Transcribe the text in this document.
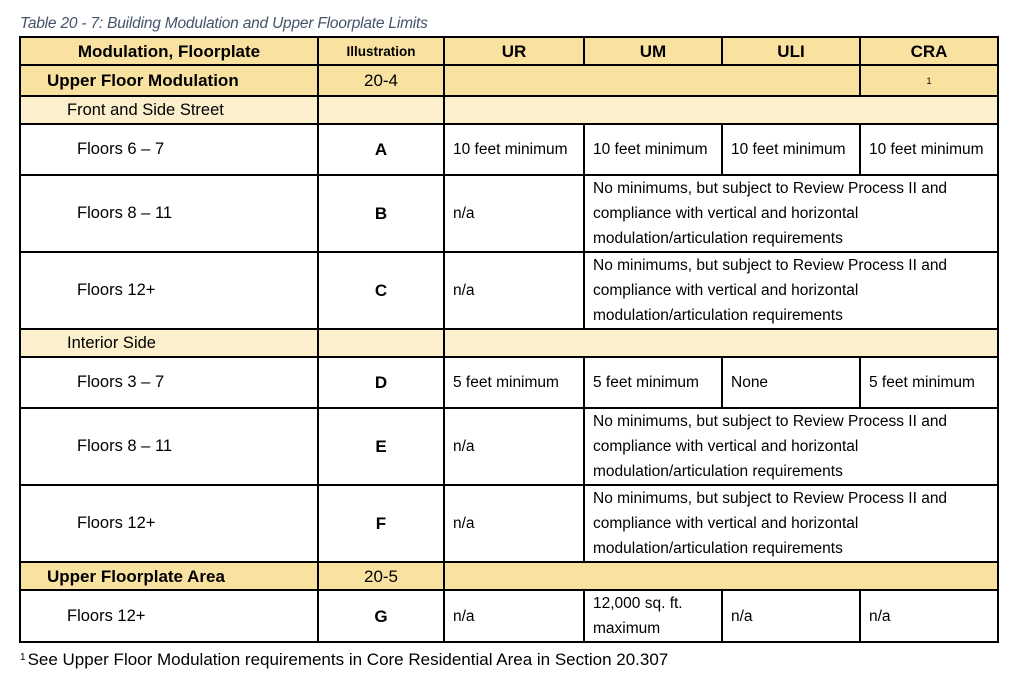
Table 20 - 7: Building Modulation and Upper Floorplate Limits
Modulation, Floorplate	Illustration	UR	UM	ULI	CRA
Upper Floor Modulation	20-4				1
Front and Side Street					
Floors 6 – 7	A	10 feet minimum	10 feet minimum	10 feet minimum	10 feet minimum
Floors 8 – 11	B	n/a	No minimums, but subject to Review Process II and compliance with vertical and horizontal modulation/articulation requirements		
Floors 12+	C	n/a	No minimums, but subject to Review Process II and compliance with vertical and horizontal modulation/articulation requirements		
Interior Side					
Floors 3 – 7	D	5 feet minimum	5 feet minimum	None	5 feet minimum
Floors 8 – 11	E	n/a	No minimums, but subject to Review Process II and compliance with vertical and horizontal modulation/articulation requirements		
Floors 12+	F	n/a	No minimums, but subject to Review Process II and compliance with vertical and horizontal modulation/articulation requirements		
Upper Floorplate Area	20-5				
Floors 12+	G	n/a	12,000 sq. ft. maximum	n/a	n/a
$^1$ See Upper Floor Modulation requirements in Core Residential Area in Section 20.307
